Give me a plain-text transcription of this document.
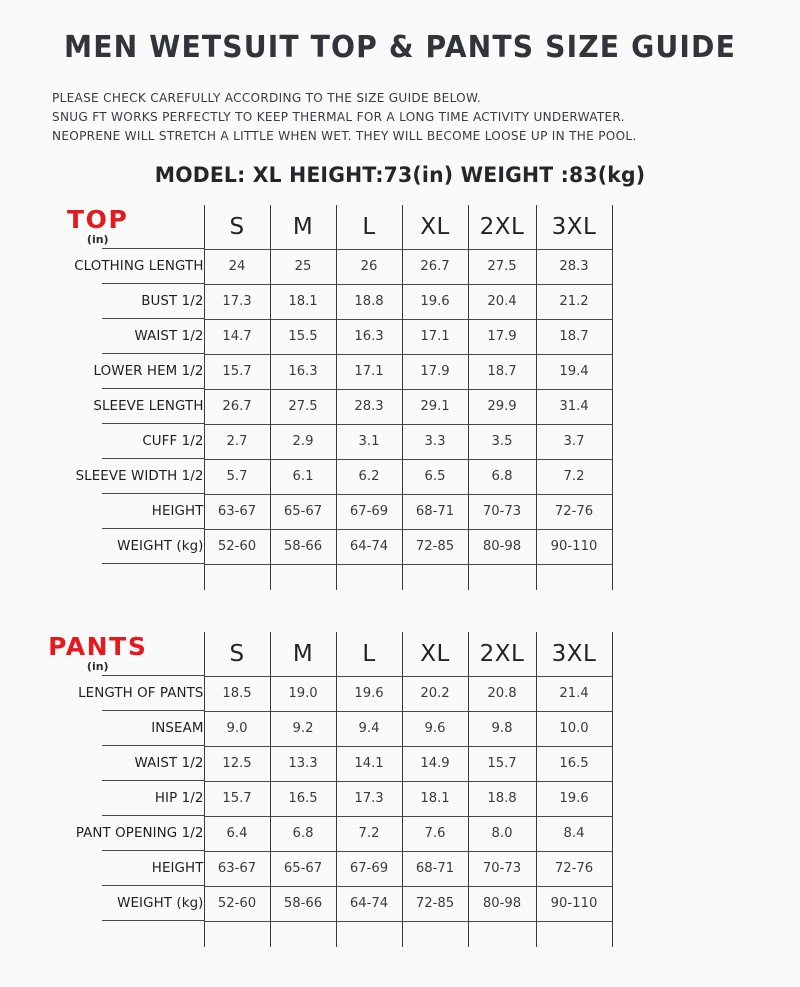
MEN WETSUIT TOP & PANTS SIZE GUIDE
PLEASE CHECK CAREFULLY ACCORDING TO THE SIZE GUIDE BELOW.
SNUG FT WORKS PERFECTLY TO KEEP THERMAL FOR A LONG TIME ACTIVITY UNDERWATER.
NEOPRENE WILL STRETCH A LITTLE WHEN WET. THEY WILL BECOME LOOSE UP IN THE POOL.
MODEL: XL HEIGHT:73(in) WEIGHT :83(kg)
TOP
(in)	S	M	L	XL	2XL	3XL
CLOTHING LENGTH	24	25	26	26.7	27.5	28.3
BUST 1/2	17.3	18.1	18.8	19.6	20.4	21.2
WAIST 1/2	14.7	15.5	16.3	17.1	17.9	18.7
LOWER HEM 1/2	15.7	16.3	17.1	17.9	18.7	19.4
SLEEVE LENGTH	26.7	27.5	28.3	29.1	29.9	31.4
CUFF 1/2	2.7	2.9	3.1	3.3	3.5	3.7
SLEEVE WIDTH 1/2	5.7	6.1	6.2	6.5	6.8	7.2
HEIGHT	63-67	65-67	67-69	68-71	70-73	72-76
WEIGHT (kg)	52-60	58-66	64-74	72-85	80-98	90-110

PANTS
(in)	S	M	L	XL	2XL	3XL
LENGTH OF PANTS	18.5	19.0	19.6	20.2	20.8	21.4
INSEAM	9.0	9.2	9.4	9.6	9.8	10.0
WAIST 1/2	12.5	13.3	14.1	14.9	15.7	16.5
HIP 1/2	15.7	16.5	17.3	18.1	18.8	19.6
PANT OPENING 1/2	6.4	6.8	7.2	7.6	8.0	8.4
HEIGHT	63-67	65-67	67-69	68-71	70-73	72-76
WEIGHT (kg)	52-60	58-66	64-74	72-85	80-98	90-110
